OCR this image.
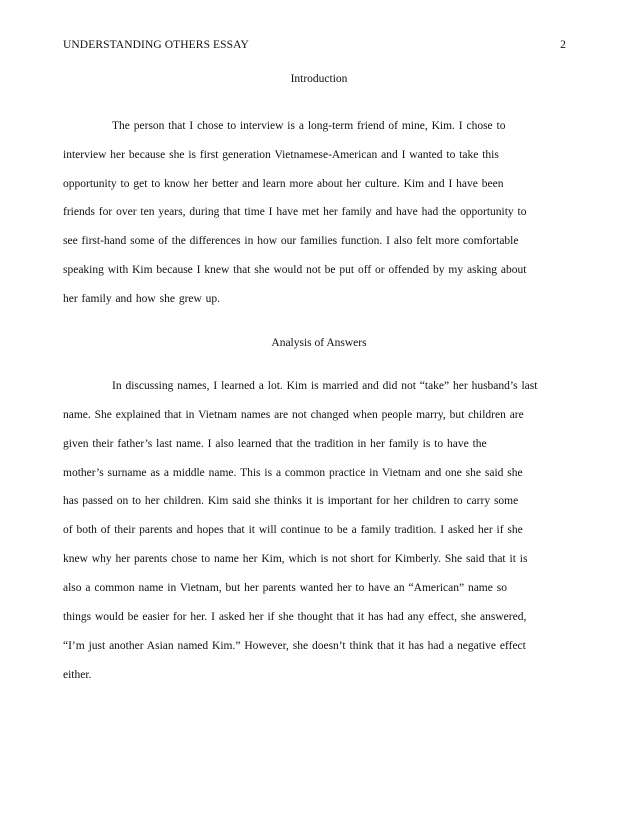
UNDERSTANDING OTHERS ESSAY	2
Introduction
The person that I chose to interview is a long-term friend of mine, Kim. I chose to
interview her because she is first generation Vietnamese-American and I wanted to take this
opportunity to get to know her better and learn more about her culture. Kim and I have been
friends for over ten years, during that time I have met her family and have had the opportunity to
see first-hand some of the differences in how our families function. I also felt more comfortable
speaking with Kim because I knew that she would not be put off or offended by my asking about
her family and how she grew up.
Analysis of Answers
In discussing names, I learned a lot. Kim is married and did not “take” her husband’s last
name. She explained that in Vietnam names are not changed when people marry, but children are
given their father’s last name. I also learned that the tradition in her family is to have the
mother’s surname as a middle name. This is a common practice in Vietnam and one she said she
has passed on to her children. Kim said she thinks it is important for her children to carry some
of both of their parents and hopes that it will continue to be a family tradition. I asked her if she
knew why her parents chose to name her Kim, which is not short for Kimberly. She said that it is
also a common name in Vietnam, but her parents wanted her to have an “American” name so
things would be easier for her. I asked her if she thought that it has had any effect, she answered,
“I’m just another Asian named Kim.” However, she doesn’t think that it has had a negative effect
either.
